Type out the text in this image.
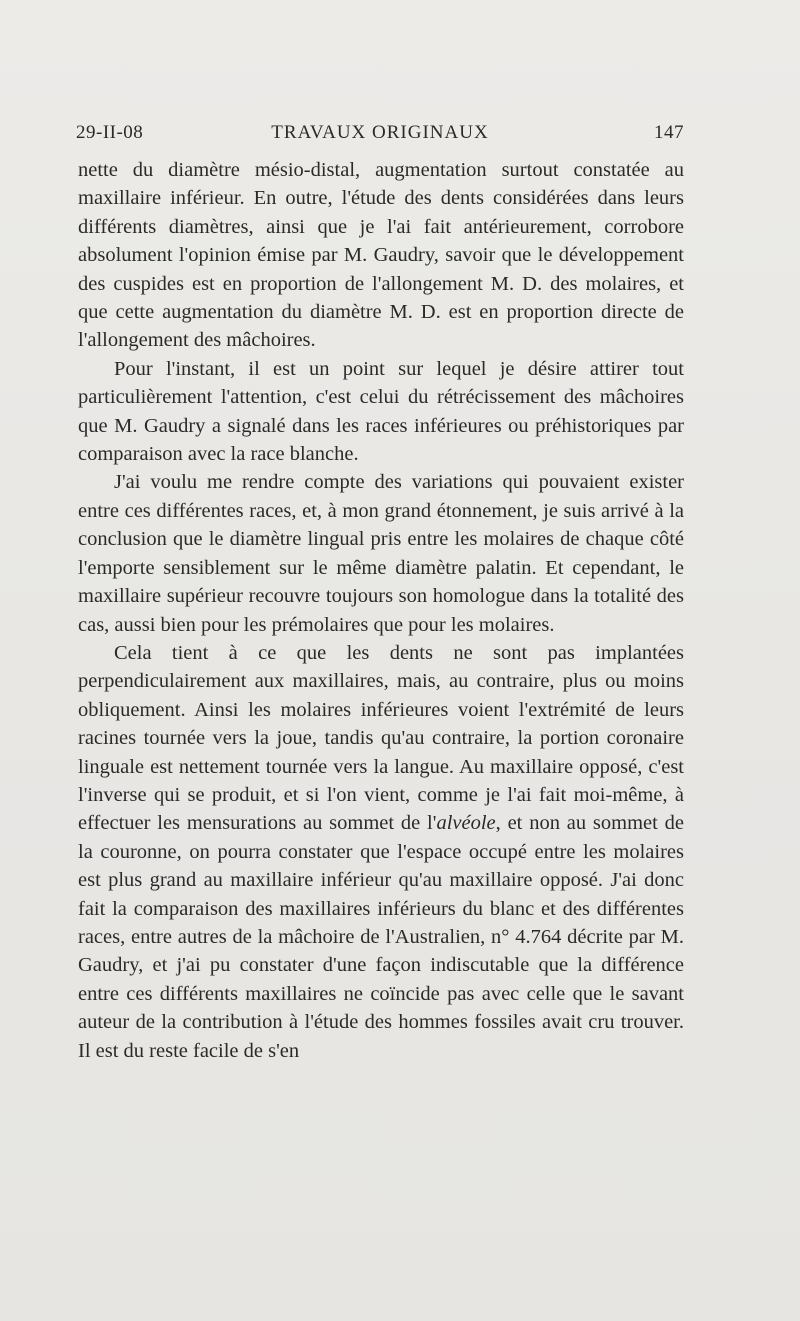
29-II-08	TRAVAUX ORIGINAUX	147

nette du diamètre mésio-distal, augmentation surtout constatée au maxillaire inférieur. En outre, l'étude des dents considérées dans leurs différents diamètres, ainsi que je l'ai fait antérieurement, corrobore absolument l'opinion émise par M. Gaudry, savoir que le développement des cuspides est en proportion de l'allongement M. D. des molaires, et que cette augmentation du diamètre M. D. est en proportion directe de l'allongement des mâchoires.

Pour l'instant, il est un point sur lequel je désire attirer tout particulièrement l'attention, c'est celui du rétrécissement des mâchoires que M. Gaudry a signalé dans les races inférieures ou préhistoriques par comparaison avec la race blanche.

J'ai voulu me rendre compte des variations qui pouvaient exister entre ces différentes races, et, à mon grand étonnement, je suis arrivé à la conclusion que le diamètre lingual pris entre les molaires de chaque côté l'emporte sensiblement sur le même diamètre palatin. Et cependant, le maxillaire supérieur recouvre toujours son homologue dans la totalité des cas, aussi bien pour les prémolaires que pour les molaires.

Cela tient à ce que les dents ne sont pas implantées perpendiculairement aux maxillaires, mais, au contraire, plus ou moins obliquement. Ainsi les molaires inférieures voient l'extrémité de leurs racines tournée vers la joue, tandis qu'au contraire, la portion coronaire linguale est nettement tournée vers la langue. Au maxillaire opposé, c'est l'inverse qui se produit, et si l'on vient, comme je l'ai fait moi-même, à effectuer les mensurations au sommet de l'alvéole, et non au sommet de la couronne, on pourra constater que l'espace occupé entre les molaires est plus grand au maxillaire inférieur qu'au maxillaire opposé. J'ai donc fait la comparaison des maxillaires inférieurs du blanc et des différentes races, entre autres de la mâchoire de l'Australien, n° 4.764 décrite par M. Gaudry, et j'ai pu constater d'une façon indiscutable que la différence entre ces différents maxillaires ne coïncide pas avec celle que le savant auteur de la contribution à l'étude des hommes fossiles avait cru trouver. Il est du reste facile de s'en
